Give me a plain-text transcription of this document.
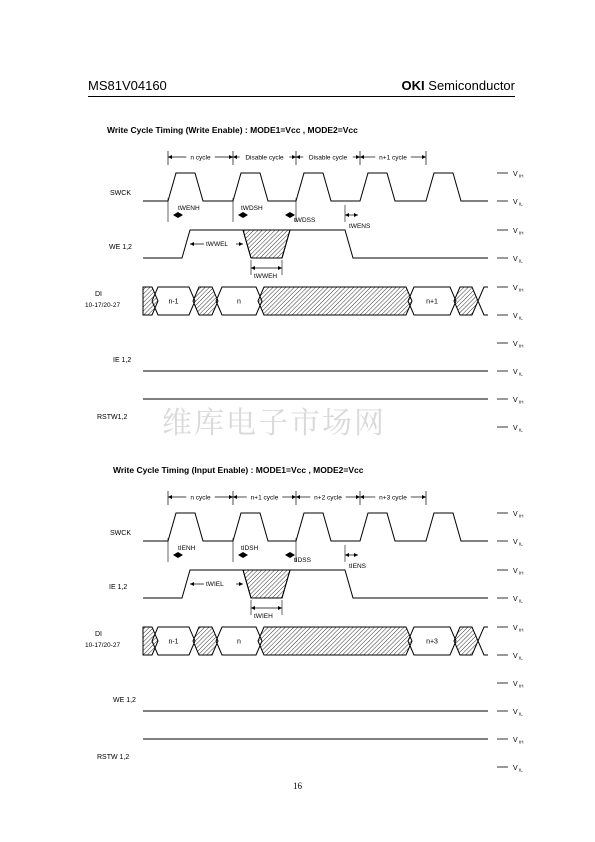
MS81V04160	OKI Semiconductor
维库电子市场网
Write Cycle Timing (Write Enable) : MODE1=Vcc , MODE2=Vcc
n cycle	Disable cycle	Disable cycle	n+1 cycle
SWCK
WE 1,2
DI
10-17/20-27
IE 1,2
RSTW1,2
V IH
V IL
V IH
V IL
V IH
V IL
V IH
V IL
V IH
V IL
tWENH	tWDSH
tWDSS
tWENS
tWWEL
tWWEH
n-1	n	n+1
Write Cycle Timing (Input Enable) : MODE1=Vcc , MODE2=Vcc
n cycle	n+1 cycle	n+2 cycle	n+3 cycle
SWCK
IE 1,2
DI
10-17/20-27
WE 1,2
RSTW 1,2
V IH
V IL
V IH
V IL
V IH
V IL
V IH
V IL
V IH
V IL
tIENH	tIDSH
tIDSS
tIENS
tWIEL
tWIEH
n-1	n	n+3
16
